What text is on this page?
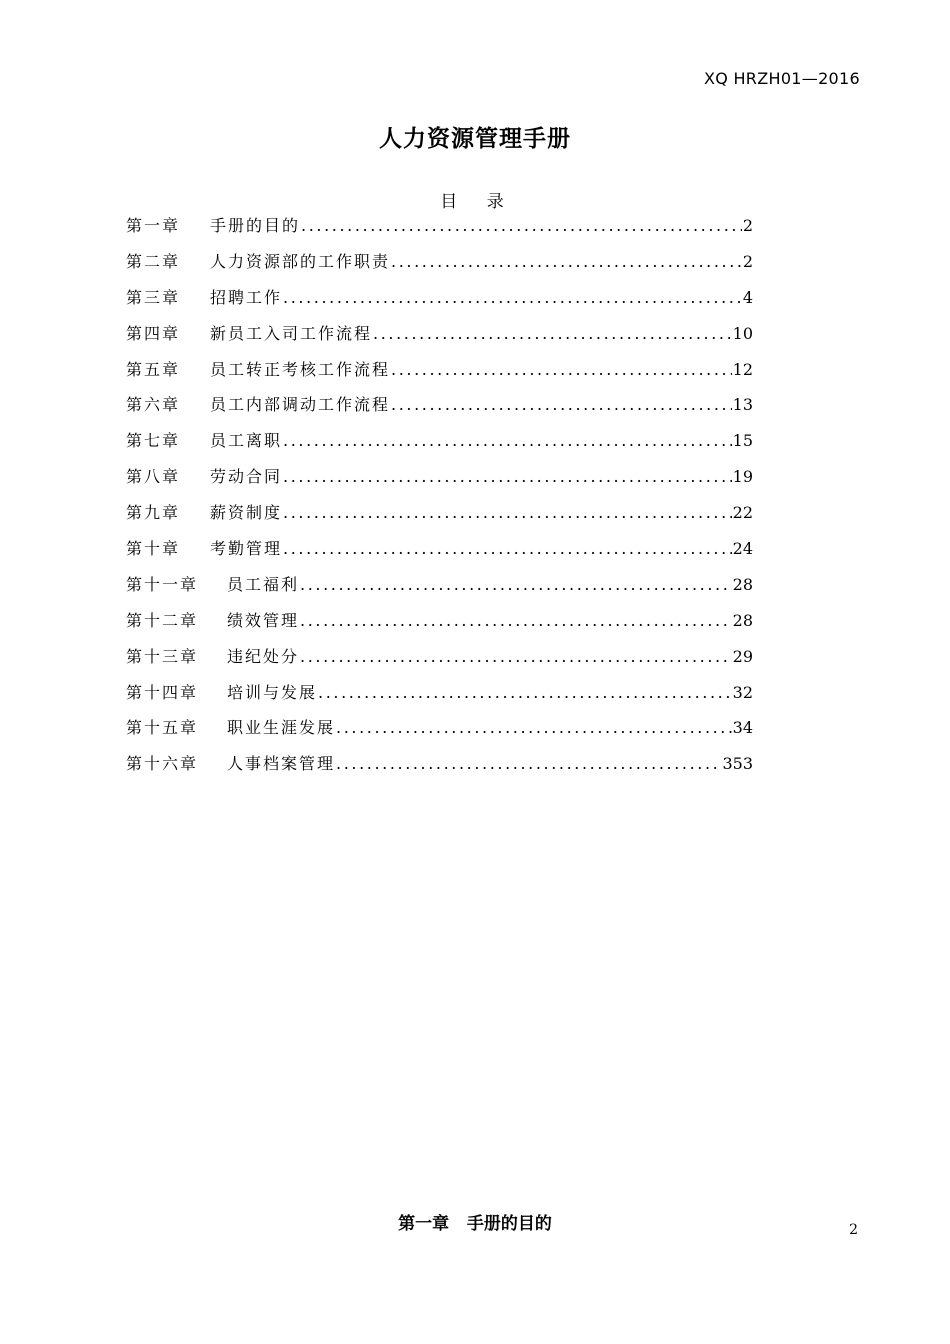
XQ HRZH01—2016
人力资源管理手册
目 录
第一章	手册的目的 .....	2
第二章	人力资源部的工作职责 .....	2
第三章	招聘工作 .....	4
第四章	新员工入司工作流程 .....	10
第五章	员工转正考核工作流程 .....	12
第六章	员工内部调动工作流程 .....	13
第七章	员工离职 .....	15
第八章	劳动合同 .....	19
第九章	薪资制度 .....	22
第十章	考勤管理 .....	24
第十一章	员工福利 .....	28
第十二章	绩效管理 .....	28
第十三章	违纪处分 .....	29
第十四章	培训与发展 .....	32
第十五章	职业生涯发展 .....	34
第十六章	人事档案管理 .....	353
第一章   手册的目的	2
